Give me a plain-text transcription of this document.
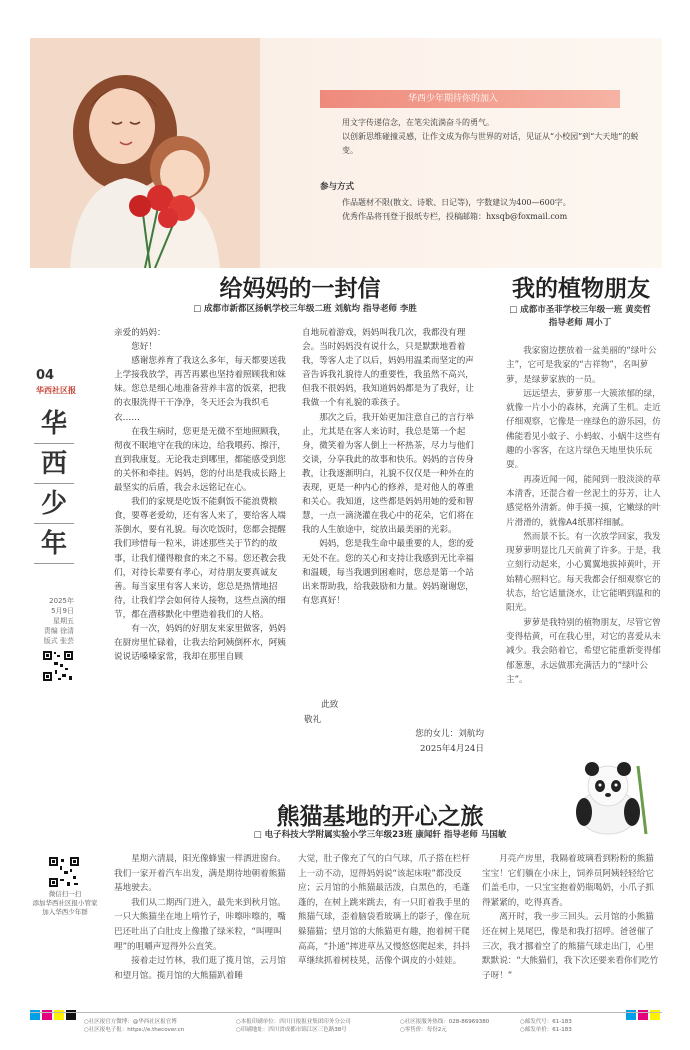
华西少年期待你的加入

用文字传递信念，在笔尖流淌奋斗的勇气。

以创新思维碰撞灵感，让作文成为你与世界的对话，见证从“小校园”到“大天地”的蜕变。

参与方式

作品题材不限(散文、诗歌、日记等)，字数建议为400—600字。

优秀作品将刊登于报纸专栏，投稿邮箱：hxsqb@foxmail.com

04
华西社区报
华
西
少
年
2025年
5月9日
星期五
责编 徐清
版式 张芸
微信扫一扫
添加华西社区报小管家
加入华西少年群
给妈妈的一封信
□ 成都市新都区扬帆学校三年级二班 刘航均 指导老师 李胜

亲爱的妈妈：

您好！

感谢您养育了我这么多年，每天都要送我上学接我放学，再苦再累也坚持着照顾我和妹妹。您总是细心地准备营养丰富的饭菜，把我的衣服洗得干干净净，冬天还会为我织毛衣……

在我生病时，您更是无微不至地照顾我，彻夜不眠地守在我的床边，给我喂药、擦汗，直到我康复。无论我走到哪里，都能感受到您的关怀和牵挂。妈妈，您的付出是我成长路上最坚实的后盾，我会永远铭记在心。

我们的家规是吃饭不能剩饭不能浪费粮食，要尊老爱幼，还有客人来了，要给客人端茶倒水，要有礼貌。每次吃饭时，您都会提醒我们珍惜每一粒米，讲述那些关于节约的故事，让我们懂得粮食的来之不易。您还教会我们，对待长辈要有孝心，对待朋友要真诚友善。每当家里有客人来访，您总是热情地招待，让我们学会如何待人接物，这些点滴的细节，都在潜移默化中塑造着我们的人格。

有一次，妈妈的好朋友来家里做客，妈妈在厨房里忙碌着，让我去给阿姨倒杯水，阿姨说说话嗓嗓家常，我却在那里自顾

自地玩着游戏，妈妈叫我几次，我都没有理会。当时妈妈没有说什么，只是默默地看着我，等客人走了以后，妈妈用温柔而坚定的声音告诉我礼貌待人的重要性，我虽然不高兴，但我不很妈妈，我知道妈妈都是为了我好，让我做一个有礼貌的乖孩子。

那次之后，我开始更加注意自己的言行举止，尤其是在客人来访时，我总是第一个起身，微笑着为客人倒上一杯热茶，尽力与他们交谈，分享我此的故事和快乐。妈妈的言传身教，让我逐渐明白，礼貌不仅仅是一种外在的表现，更是一种内心的修养，是对他人的尊重和关心。我知道，这些都是妈妈用她的爱和智慧，一点一滴浇灌在我心中的花朵，它们将在我的人生旅途中，绽放出最美丽的光彩。

妈妈，您是我生命中最重要的人，您的爱无处不在。您的关心和支持让我感到无比幸福和温暖，每当我遇到困难时，您总是第一个站出来帮助我，给我鼓励和力量。妈妈谢谢您，有您真好！

此致

敬礼

您的女儿：刘航均

2025年4月24日

我的植物朋友
□ 成都市圣菲学校三年级一班 黄奕哲
指导老师 周小丁

我家窗边摆放着一盆美丽的“绿叶公主”，它可是我家的“吉祥物”，名叫萝萝，是绿萝家族的一员。

远远望去，萝萝那一大簇浓郁的绿，就像一片小小的森林，充满了生机。走近仔细观察，它像是一座绿色的游乐园，仿佛能看见小蚊子、小蚂蚁、小蜗牛这些有趣的小客客，在这片绿色天地里快乐玩耍。

再凑近闻一闻，能闻到一股淡淡的草本清香，还混合着一丝泥土的芬芳，让人感觉格外清新。伸手摸一摸，它嫩绿的叶片滑滑的，就像A4纸那样细腻。

然而景不长。有一次放学回家，我发现萝萝明显比几天前黄了许多。于是，我立刻行动起来，小心翼翼地拔掉黄叶，开始精心照料它。每天我都会仔细观察它的状态，给它适量浇水，让它能晒到温和的阳光。

萝萝是我特别的植物朋友，尽管它曾变得枯黄，可在我心里，对它的喜爱从未减少。我会陪着它，希望它能重新变得郁郁葱葱，永远做那充满活力的“绿叶公主”。

熊猫基地的开心之旅
□ 电子科技大学附属实验小学三年级23班 康闻轩 指导老师 马国敏

星期六清晨，阳光像蜂蜜一样洒进窗台。我们一家开着汽车出发，满是期待地朝着熊猫基地驶去。

我们从二期西门进入，最先来到秋月馆。一只大熊猫坐在地上啃竹子，咔嚓咔嚓的，嘴巴还吐出了白肚皮上像撒了绿米粒，“叫哩叫哩”的咀嚼声逗得外公直笑。

接着走过竹林，我们逛了揽月馆，云月馆和望月馆。揽月馆的大熊猫趴着睡

大觉，肚子像充了气的白气球，爪子搭在栏杆上一动不动，逗得妈妈说“该起床啦”都没反应；云月馆的小熊猫最活泼，白黑色的，毛蓬蓬的，在树上跳来跳去，有一只盯着我手里的熊猫气球，歪着脑袋看玻璃上的影子，像在玩躲猫猫；望月馆的大熊猫更有趣，抱着树干爬高高，“扑通”摔进草丛又慢悠悠爬起来，抖抖草继续抓着树枝晃，活像个调皮的小娃娃。

月亮产房里，我隔着玻璃看到粉粉的熊猫宝宝！它们躺在小床上，饲养员阿姨轻轻给它们盖毛巾，一只宝宝抱着奶瓶喝奶，小爪子抓得紧紧的，吃得真香。

离开时，我一步三回头。云月馆的小熊猫还在树上晃尾巴，像是和我打招呼。爸爸催了三次，我才挪着空了的熊猫气球走出门，心里默默说：“大熊猫们，我下次还要来看你们吃竹子呀！”

○社区报官方微博：@华西社区报官博
○社区报电子报：https://e.thecover.cn
○本报印刷单位：四川日报报业集团印务分公司
○印刷地址：四川省成都市锦江区三色路38号
○社区报服务热线：028-86969380
○零售价：每份2元
○邮发代号：61-183
○邮发单价：61-183
